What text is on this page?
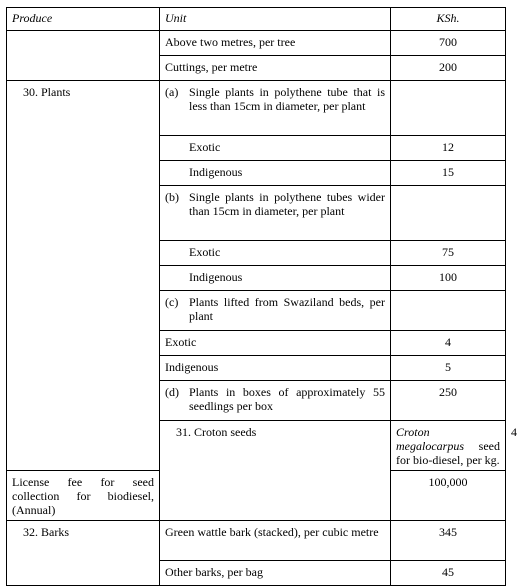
Produce	Unit	KSh.	
	Above two metres, per tree	700	
	Cuttings, per metre	200	
30. Plants	(a) Single plants in polythene tube that is less than 15cm in diameter, per plant		

	Exotic	12	
	Indigenous	15	

	(b) Single plants in polythene tubes wider than 15cm in diameter, per plant		

	Exotic	75	
	Indigenous	100	

	(c) Plants lifted from Swaziland beds, per plant		

	Exotic	4	
	Indigenous	5	

	(d) Plants in boxes of approximately 55 seedlings per box	250	
	31. Croton seeds	Croton megalocarpus seed for bio-diesel, per kg.	4
License fee for seed collection for biodiesel, (Annual)		100,000	
32. Barks	Green wattle bark (stacked), per cubic metre	345	
	Other barks, per bag	45	
